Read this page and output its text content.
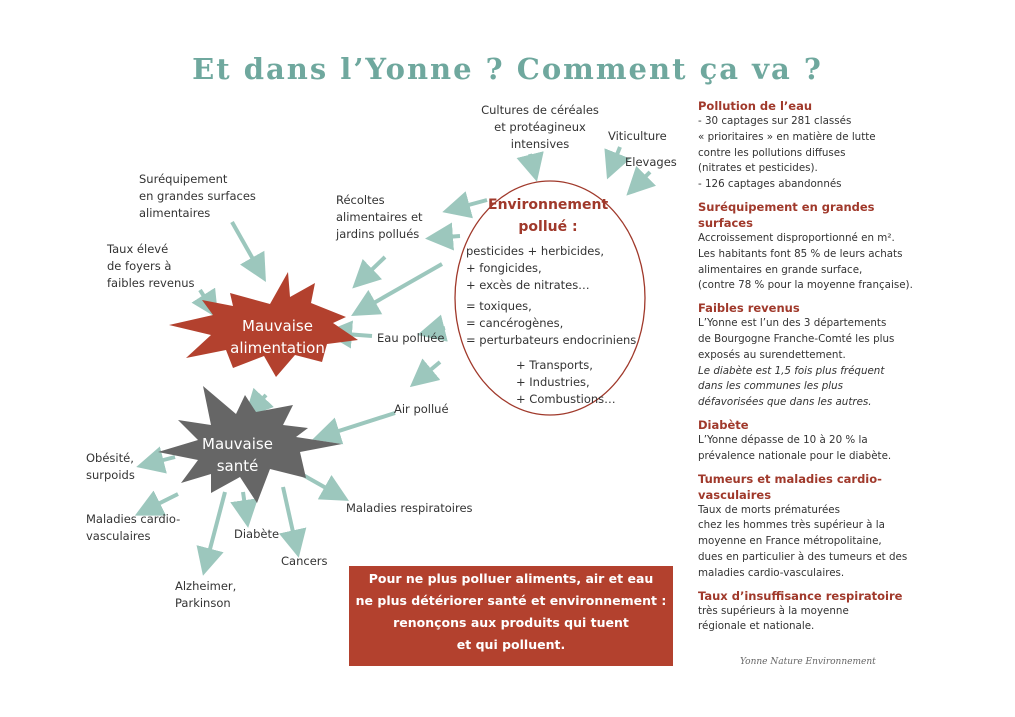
Et dans l’Yonne ? Comment ça va ?
Mauvaise
alimentation
Mauvaise
santé
Environnement
pollué :
pesticides + herbicides,
+ fongicides,
+ excès de nitrates…
= toxiques,
= cancérogènes,
= perturbateurs endocriniens
+ Transports,
+ Industries,
+ Combustions…
Cultures de céréales
et protéagineux
intensives
Viticulture
Elevages
Suréquipement
en grandes surfaces
alimentaires
Récoltes
alimentaires et
jardins pollués
Taux élevé
de foyers à
faibles revenus
Eau polluée
Air pollué
Obésité,
surpoids
Maladies cardio-
vasculaires	Diabète
Cancers
Alzheimer,
Parkinson
Maladies respiratoires
Pour ne plus polluer aliments, air et eau
ne plus détériorer santé et environnement :
renonçons aux produits qui tuent
et qui polluent.
Pollution de l’eau

- 30 captages sur 281 classés
« prioritaires » en matière de lutte
contre les pollutions diffuses
(nitrates et pesticides).
- 126 captages abandonnés

Suréquipement en grandes
surfaces

Accroissement disproportionné en m².
Les habitants font 85 % de leurs achats
alimentaires en grande surface,
(contre 78 % pour la moyenne française).

Faibles revenus

L’Yonne est l’un des 3 départements
de Bourgogne Franche-Comté les plus
exposés au surendettement.

Le diabète est 1,5 fois plus fréquent
dans les communes les plus
défavorisées que dans les autres.

Diabète

L’Yonne dépasse de 10 à 20 % la
prévalence nationale pour le diabète.

Tumeurs et maladies cardio-
vasculaires

Taux de morts prématurées
chez les hommes très supérieur à la
moyenne en France métropolitaine,
dues en particulier à des tumeurs et des
maladies cardio-vasculaires.

Taux d’insuffisance respiratoire

très supérieurs à la moyenne
régionale et nationale.

Yonne Nature Environnement
